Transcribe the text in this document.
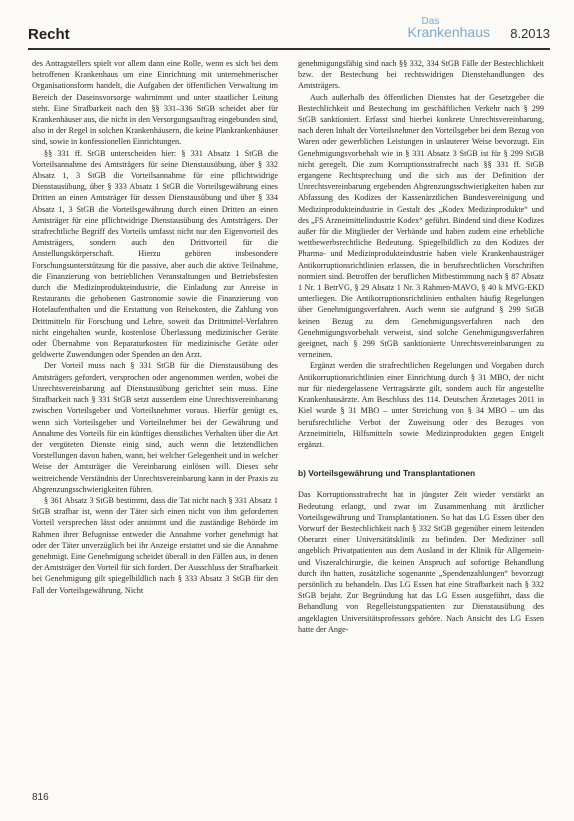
Recht
Das
Krankenhaus 8.2013

des Antragstellers spielt vor allem dann eine Rolle, wenn es sich bei dem betroffenen Krankenhaus um eine Einrichtung mit unternehmerischer Organisationsform handelt, die Aufgaben der öffentlichen Verwaltung im Bereich der Daseinsvorsorge wahrnimmt und unter staatlicher Leitung steht. Eine Strafbarkeit nach den §§ 331–336 StGB scheidet aber für Krankenhäuser aus, die nicht in den Versorgungsauftrag eingebunden sind, also in der Regel in solchen Krankenhäusern, die keine Plankrankenhäuser sind, sowie in konfessionellen Einrichtungen.

§§ 331 ff. StGB unterscheiden hier: § 331 Absatz 1 StGB die Vorteilsannahme des Amtsträgers für seine Dienstausübung, über § 332 Absatz 1, 3 StGB die Vorteilsannahme für eine pflichtwidrige Dienstausübung, über § 333 Absatz 1 StGB die Vorteilsgewährung eines Dritten an einen Amtsträger für dessen Dienstausübung und über § 334 Absatz 1, 3 StGB die Vorteilsgewährung durch einen Dritten an einen Amtsträger für eine pflichtwidrige Dienstausübung des Amtsträgers. Der strafrechtliche Begriff des Vorteils umfasst nicht nur den Eigenvorteil des Amtsträgers, sondern auch den Drittvorteil für die Anstellungskörperschaft. Hierzu gehören insbesondere Forschungsunterstützung für die passive, aber auch die aktive Teilnahme, die Finanzierung von betrieblichen Veranstaltungen und Betriebsfesten durch die Medizinprodukteindustrie, die Einladung zur Anreise in Restaurants die gehobenen Gastronomie sowie die Finanzierung von Hotelaufenthalten und die Erstattung von Reisekosten, die Zahlung von Drittmitteln für Forschung und Lehre, soweit das Drittmittel-Verfahren nicht eingehalten wurde, kostenlose Überlassung medizinischer Geräte oder Übernahme von Reparaturkosten für medizinische Geräte oder geldwerte Zuwendungen oder Spenden an den Arzt.

Der Vorteil muss nach § 331 StGB für die Dienstausübung des Amtsträgers gefordert, versprochen oder angenommen werden, wobei die Unrechtsvereinbarung auf Dienstausübung gerichtet sein muss. Eine Strafbarkeit nach § 331 StGB setzt ausserdem eine Unrechtsvereinbarung zwischen Vorteilsgeber und Vorteilsnehmer voraus. Hierfür genügt es, wenn sich Vorteilsgeber und Vorteilnehmer bei der Gewährung und Annahme des Vorteils für ein künftiges dienstliches Verhalten über die Art der vergüteten Dienste einig sind, auch wenn die letztendlichen Vorstellungen davon haben, wann, bei welcher Gelegenheit und in welcher Weise der Amtsträger die Vereinbarung einlösen will. Dieses sehr weitreichende Verständnis der Unrechtsvereinbarung kann in der Praxis zu Abgrenzungsschwierigkeiten führen.

§ 361 Absatz 3 StGB bestimmt, dass die Tat nicht nach § 331 Absatz 1 StGB strafbar ist, wenn der Täter sich einen nicht von ihm geforderten Vorteil versprechen lässt oder annimmt und die zuständige Behörde im Rahmen ihrer Befugnisse entweder die Annahme vorher genehmigt hat oder der Täter unverzüglich bei ihr Anzeige erstattet und sie die Annahme genehmigt. Eine Genehmigung scheidet überall in den Fällen aus, in denen der Amtsträger den Vorteil für sich fordert. Der Ausschluss der Strafbarkeit bei Genehmigung gilt spiegelbildlich nach § 333 Absatz 3 StGB für den Fall der Vorteilsgewährung. Nicht

genehmigungsfähig sind nach §§ 332, 334 StGB Fälle der Bestechlichkeit bzw. der Bestechung bei rechtswidrigen Dienstehandlungen des Amtsträgers.

Auch außerhalb des öffentlichen Dienstes hat der Gesetzgeber die Bestechlichkeit und Bestechung im geschäftlichen Verkehr nach § 299 StGB sanktioniert. Erfasst sind hierbei konkrete Unrechtsvereinbarung, nach deren Inhalt der Vorteilsnehmer den Vorteilsgeber bei dem Bezug von Waren oder gewerblichen Leistungen in unlauterer Weise bevorzugt. Ein Genehmigungsvorbehalt wie in § 331 Absatz 3 StGB ist für § 299 StGB nicht geregelt. Die zum Korruptionsstrafrecht nach §§ 331 ff. StGB ergangene Rechtsprechung und die sich aus der Definition der Unrechtsvereinbarung ergebenden Abgrenzungsschwierigkeiten haben zur Abfassung des Kodizes der Kassenärztlichen Bundesvereinigung und Medizinprodukteindustrie in Gestalt des „Kodex Medizinprodukte“ und des „FS Arzneimittelindustrie Kodex“ geführt. Bindend sind diese Kodizes außer für die Mitglieder der Verbände und haben zudem eine erhebliche wettbewerbsrechtliche Bedeutung. Spiegelbildlich zu den Kodizes der Pharma- und Medizinprodukteindustrie haben viele Krankenhausträger Antikorruptionsrichtlinien erlassen, die in berufsrechtlichen Vorschriften normiert sind. Betroffen der beruflichen Mitbestimmung nach § 87 Absatz 1 Nr. 1 BetrVG, § 29 Absatz 1 Nr. 3 Rahmen-MAVO, § 40 k MVG-EKD unterliegen. Die Antikorruptionsrichtlinien enthalten häufig Regelungen über Genehmigungsverfahren. Auch wenn sie aufgrund § 299 StGB keinen Bezug zu dem Genehmigungsverfahren nach den Genehmigungsvorbehalt verweist, sind solche Genehmigungsverfahren geeignet, nach § 299 StGB sanktionierte Unrechtsvereinbarungen zu verneinen.

Ergänzt werden die strafrechtlichen Regelungen und Vorgaben durch Antikorruptionsrichtlinien einer Einrichtung durch § 31 MBO, der nicht nur für niedergelassene Vertragsärzte gilt, sondern auch für angestellte Krankenhausärzte. Am Beschluss des 114. Deutschen Ärztetages 2011 in Kiel wurde § 31 MBO – unter Streichung von § 34 MBO – um das berufsrechtliche Verbot der Zuweisung oder des Bezuges von Arzneimitteln, Hilfsmitteln sowie Medizinprodukten gegen Entgelt ergänzt.

b) Vorteilsgewährung und Transplantationen

Das Korruptionsstrafrecht hat in jüngster Zeit wieder verstärkt an Bedeutung erlangt, und zwar im Zusammenhang mit ärztlicher Vorteilsgewährung und Transplantationen. So hat das LG Essen über den Vorwurf der Bestechlichkeit nach § 332 StGB gegenüber einem leitenden Oberarzt einer Universitätsklinik zu befinden. Der Mediziner soll angeblich Privatpatienten aus dem Ausland in der Klinik für Allgemein- und Viszeralchirurgie, die keinen Anspruch auf sofortige Behandlung durch ihn hatten, zusätzliche sogenannte „Spendenzahlungen“ bevorzugt persönlich zu behandeln. Das LG Essen hat eine Strafbarkeit nach § 332 StGB bejaht. Zur Begründung hat das LG Essen ausgeführt, dass die Behandlung von Regelleistungspatienten zur Dienstausübung des angeklagten Universitätsprofessors gehöre. Nach Ansicht des LG Essen hatte der Ange-

816
